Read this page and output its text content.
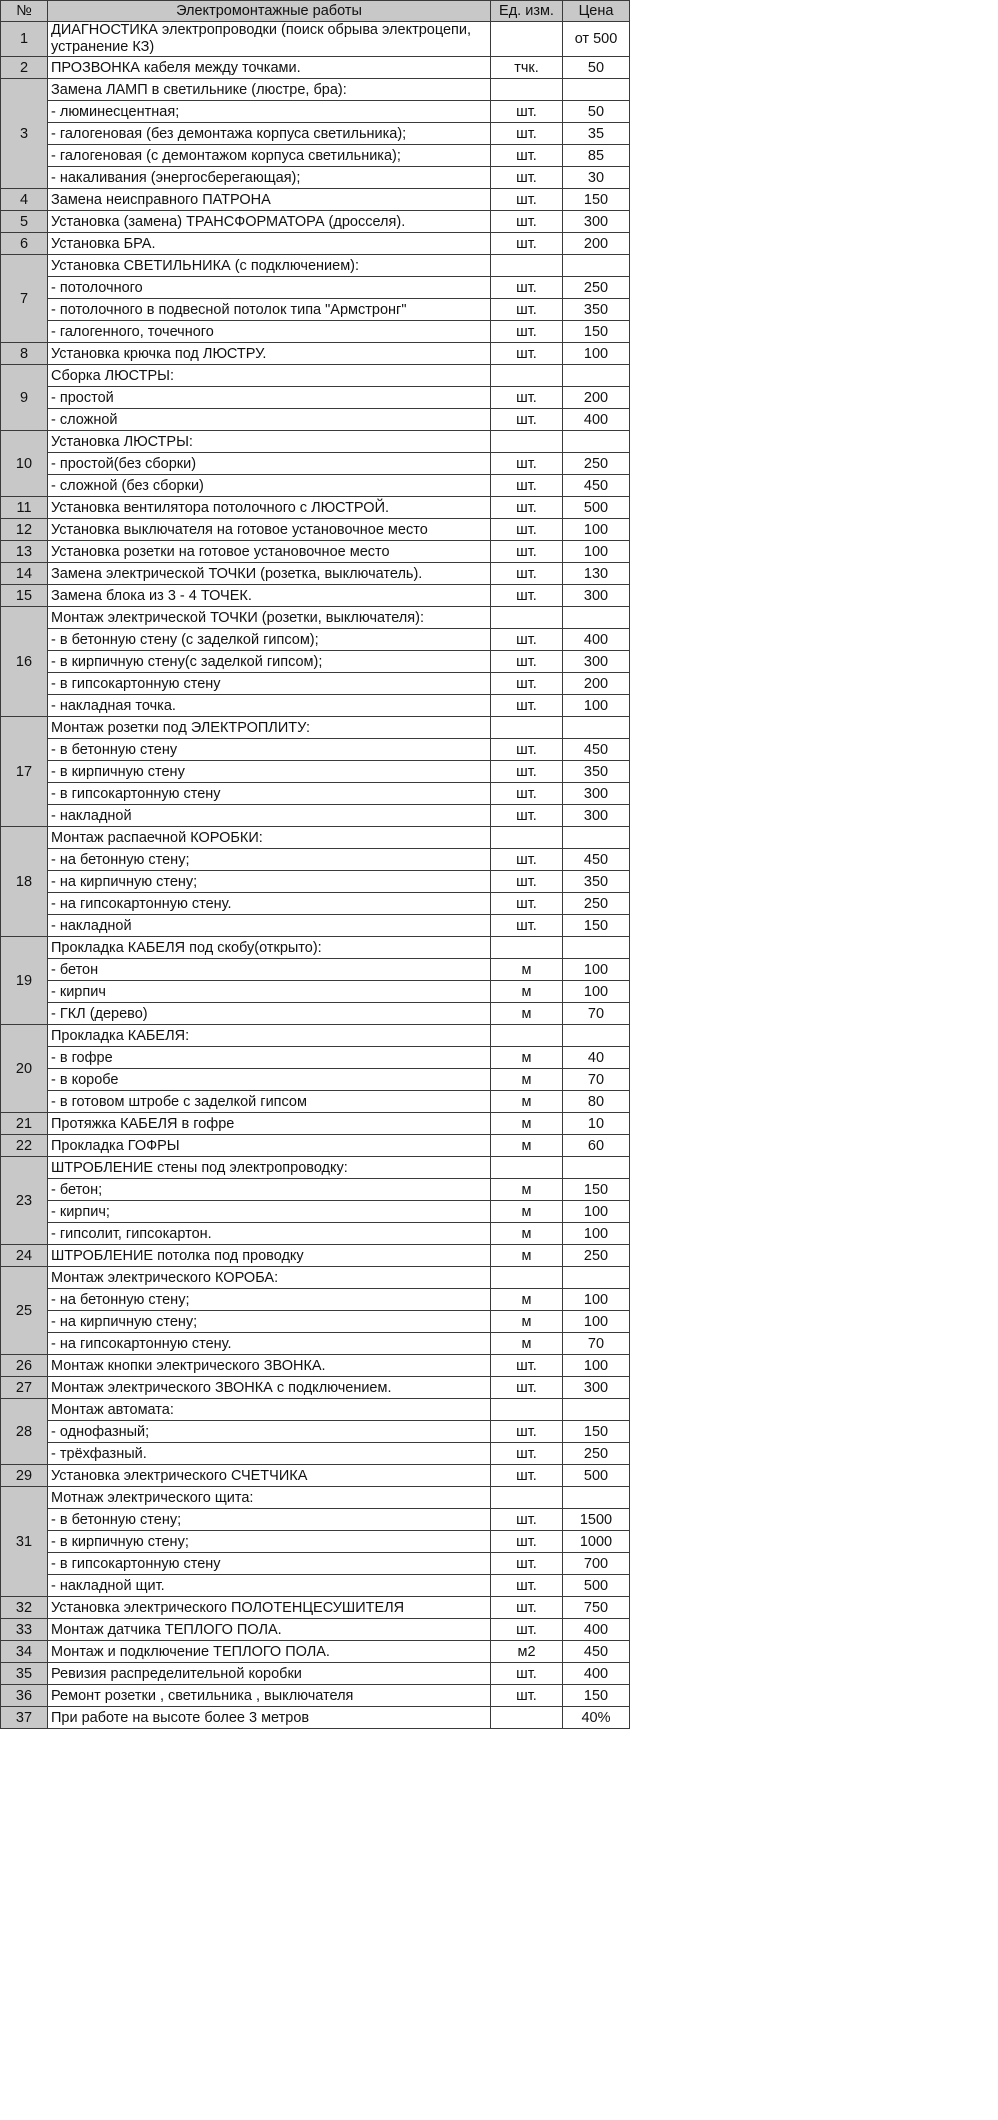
№	Электромонтажные работы	Ед. изм.	Цена
1	ДИАГНОСТИКА электропроводки (поиск обрыва электроцепи, устранение КЗ)		от 500
2	ПРОЗВОНКА кабеля между точками.	тчк.	50
3	Замена ЛАМП в светильнике (люстре, бра):		
	- люминесцентная;	шт.	50
	- галогеновая (без демонтажа корпуса светильника);	шт.	35
	- галогеновая (с демонтажом корпуса светильника);	шт.	85
	- накаливания (энергосберегающая);	шт.	30
4	Замена неисправного ПАТРОНА	шт.	150
5	Установка (замена) ТРАНСФОРМАТОРА (дросселя).	шт.	300
6	Установка БРА.	шт.	200
7	Установка СВЕТИЛЬНИКА (с подключением):		
	- потолочного	шт.	250
	- потолочного в подвесной потолок типа "Армстронг"	шт.	350
	- галогенного, точечного	шт.	150
8	Установка крючка под ЛЮСТРУ.	шт.	100
9	Сборка ЛЮСТРЫ:		
	- простой	шт.	200
	- сложной	шт.	400
10	Установка ЛЮСТРЫ:		
	- простой(без сборки)	шт.	250
	- сложной (без сборки)	шт.	450
11	Установка вентилятора потолочного с ЛЮСТРОЙ.	шт.	500
12	Установка выключателя на готовое установочное место	шт.	100
13	Установка розетки на готовое установочное место	шт.	100
14	Замена электрической ТОЧКИ (розетка, выключатель).	шт.	130
15	Замена блока из 3 - 4 ТОЧЕК.	шт.	300
16	Монтаж электрической ТОЧКИ (розетки, выключателя):		
	- в бетонную стену (с заделкой гипсом);	шт.	400
	- в кирпичную стену(с заделкой гипсом);	шт.	300
	- в гипсокартонную стену	шт.	200
	- накладная точка.	шт.	100
17	Монтаж розетки под ЭЛЕКТРОПЛИТУ:		
	- в бетонную стену	шт.	450
	- в кирпичную стену	шт.	350
	- в гипсокартонную стену	шт.	300
	- накладной	шт.	300
18	Монтаж распаечной КОРОБКИ:		
	- на бетонную стену;	шт.	450
	- на кирпичную стену;	шт.	350
	- на гипсокартонную стену.	шт.	250
	- накладной	шт.	150
19	Прокладка КАБЕЛЯ под скобу(открыто):		
	- бетон	м	100
	- кирпич	м	100
	- ГКЛ (дерево)	м	70
20	Прокладка КАБЕЛЯ:		
	- в гофре	м	40
	- в коробе	м	70
	- в готовом штробе с заделкой гипсом	м	80
21	Протяжка КАБЕЛЯ в гофре	м	10
22	Прокладка ГОФРЫ	м	60
23	ШТРОБЛЕНИЕ стены под электропроводку:		
	- бетон;	м	150
	- кирпич;	м	100
	- гипсолит, гипсокартон.	м	100
24	ШТРОБЛЕНИЕ потолка под проводку	м	250
25	Монтаж электрического КОРОБА:		
	- на бетонную стену;	м	100
	- на кирпичную стену;	м	100
	- на гипсокартонную стену.	м	70
26	Монтаж кнопки электрического ЗВОНКА.	шт.	100
27	Монтаж электрического ЗВОНКА с подключением.	шт.	300
28	Монтаж автомата:		
	- однофазный;	шт.	150
	- трёхфазный.	шт.	250
29	Установка электрического СЧЕТЧИКА	шт.	500
31	Мотнаж электрического щита:		
	- в бетонную стену;	шт.	1500
	- в кирпичную стену;	шт.	1000
	- в гипсокартонную стену	шт.	700
	- накладной щит.	шт.	500
32	Установка электрического ПОЛОТЕНЦЕСУШИТЕЛЯ	шт.	750
33	Монтаж датчика ТЕПЛОГО ПОЛА.	шт.	400
34	Монтаж и подключение ТЕПЛОГО ПОЛА.	м2	450
35	Ревизия распределительной коробки	шт.	400
36	Ремонт розетки , светильника , выключателя	шт.	150
37	При работе на высоте более 3 метров		40%
